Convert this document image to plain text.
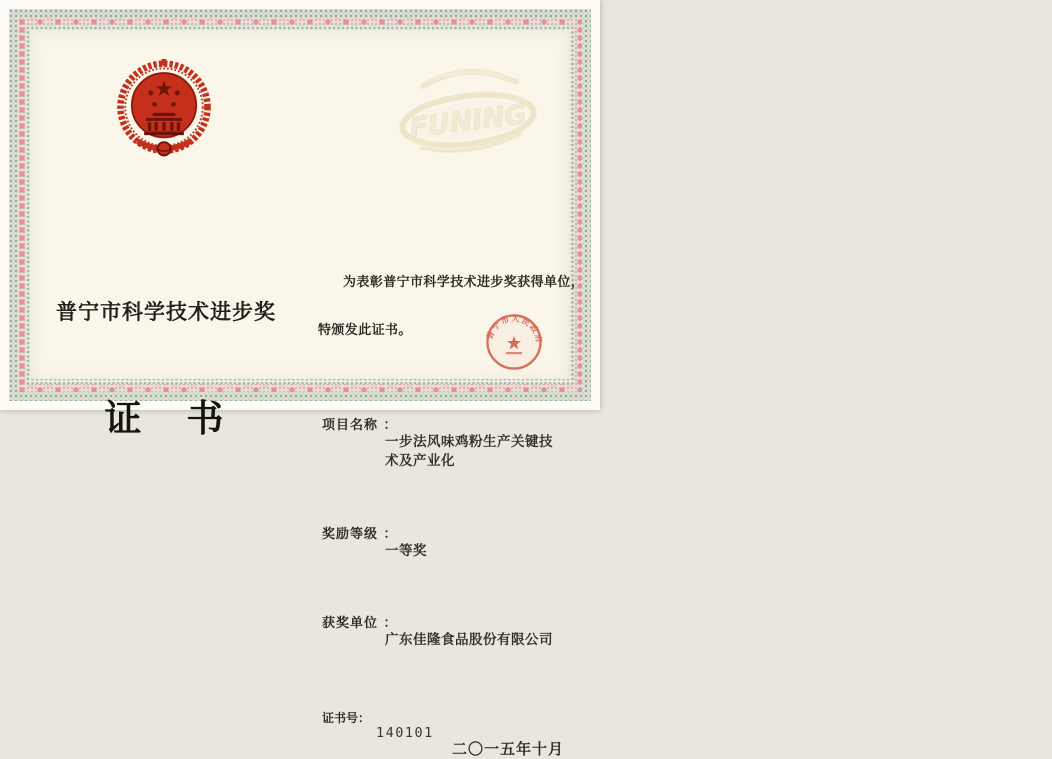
FUNING
普宁市科学技术进步奖
证 书
为表彰普宁市科学技术进步奖获得单位，
特颁发此证书。
项目名称 ：
一步法风味鸡粉生产关键技术及产业化
奖励等级 ：
一等奖
获奖单位 ：
广东佳隆食品股份有限公司
证书号：
140101
普宁市人民政府
二〇一五年十月
